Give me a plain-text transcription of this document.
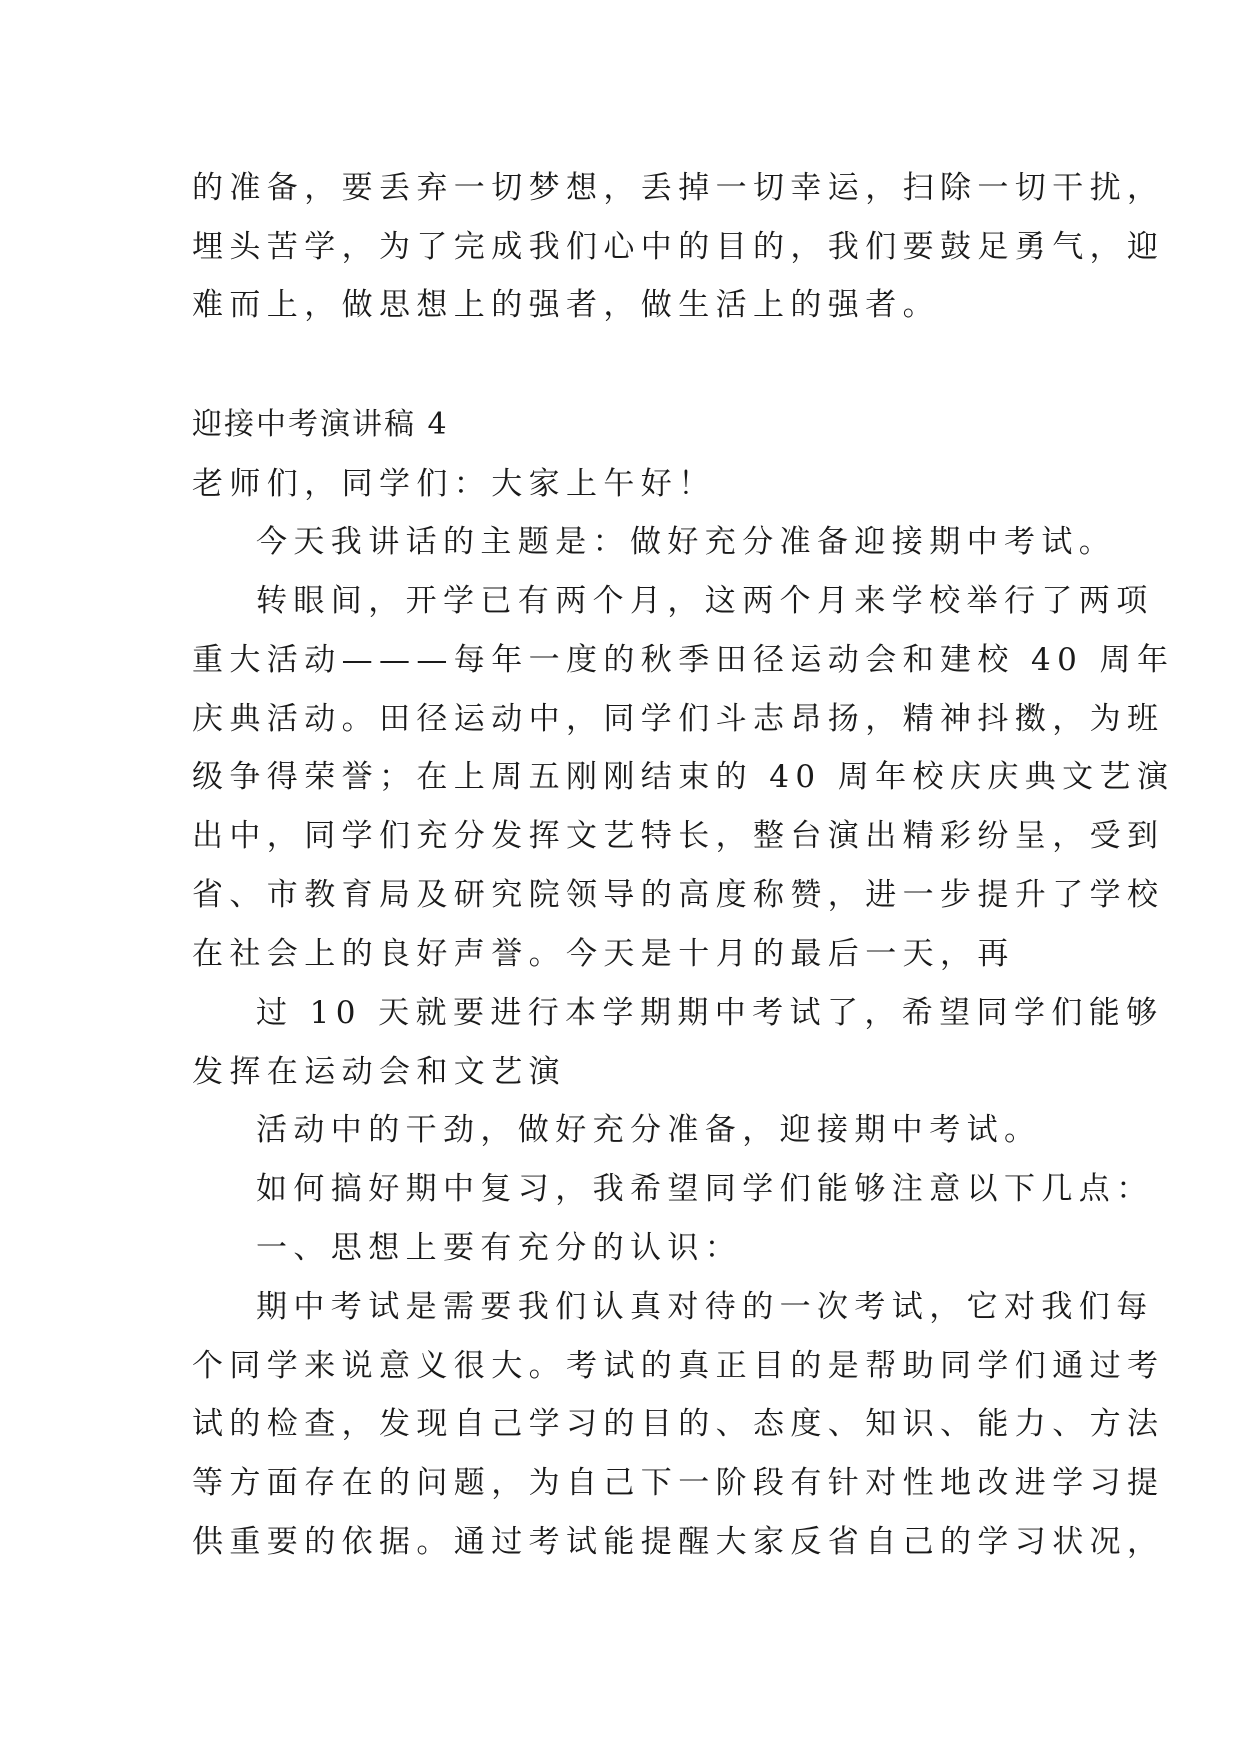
的准备，要丢弃一切梦想，丢掉一切幸运，扫除一切干扰，
埋头苦学，为了完成我们心中的目的，我们要鼓足勇气，迎
难而上，做思想上的强者，做生活上的强者。
迎接中考演讲稿 4
老师们，同学们：大家上午好！
今天我讲话的主题是：做好充分准备迎接期中考试。
转眼间，开学已有两个月，这两个月来学校举行了两项
重大活动———每年一度的秋季田径运动会和建校 40 周年
庆典活动。田径运动中，同学们斗志昂扬，精神抖擞，为班
级争得荣誉；在上周五刚刚结束的 40 周年校庆庆典文艺演
出中，同学们充分发挥文艺特长，整台演出精彩纷呈，受到
省、市教育局及研究院领导的高度称赞，进一步提升了学校
在社会上的良好声誉。今天是十月的最后一天，再
过 10 天就要进行本学期期中考试了，希望同学们能够
发挥在运动会和文艺演
活动中的干劲，做好充分准备，迎接期中考试。
如何搞好期中复习，我希望同学们能够注意以下几点：
一、思想上要有充分的认识：
期中考试是需要我们认真对待的一次考试，它对我们每
个同学来说意义很大。考试的真正目的是帮助同学们通过考
试的检查，发现自己学习的目的、态度、知识、能力、方法
等方面存在的问题，为自己下一阶段有针对性地改进学习提
供重要的依据。通过考试能提醒大家反省自己的学习状况，
